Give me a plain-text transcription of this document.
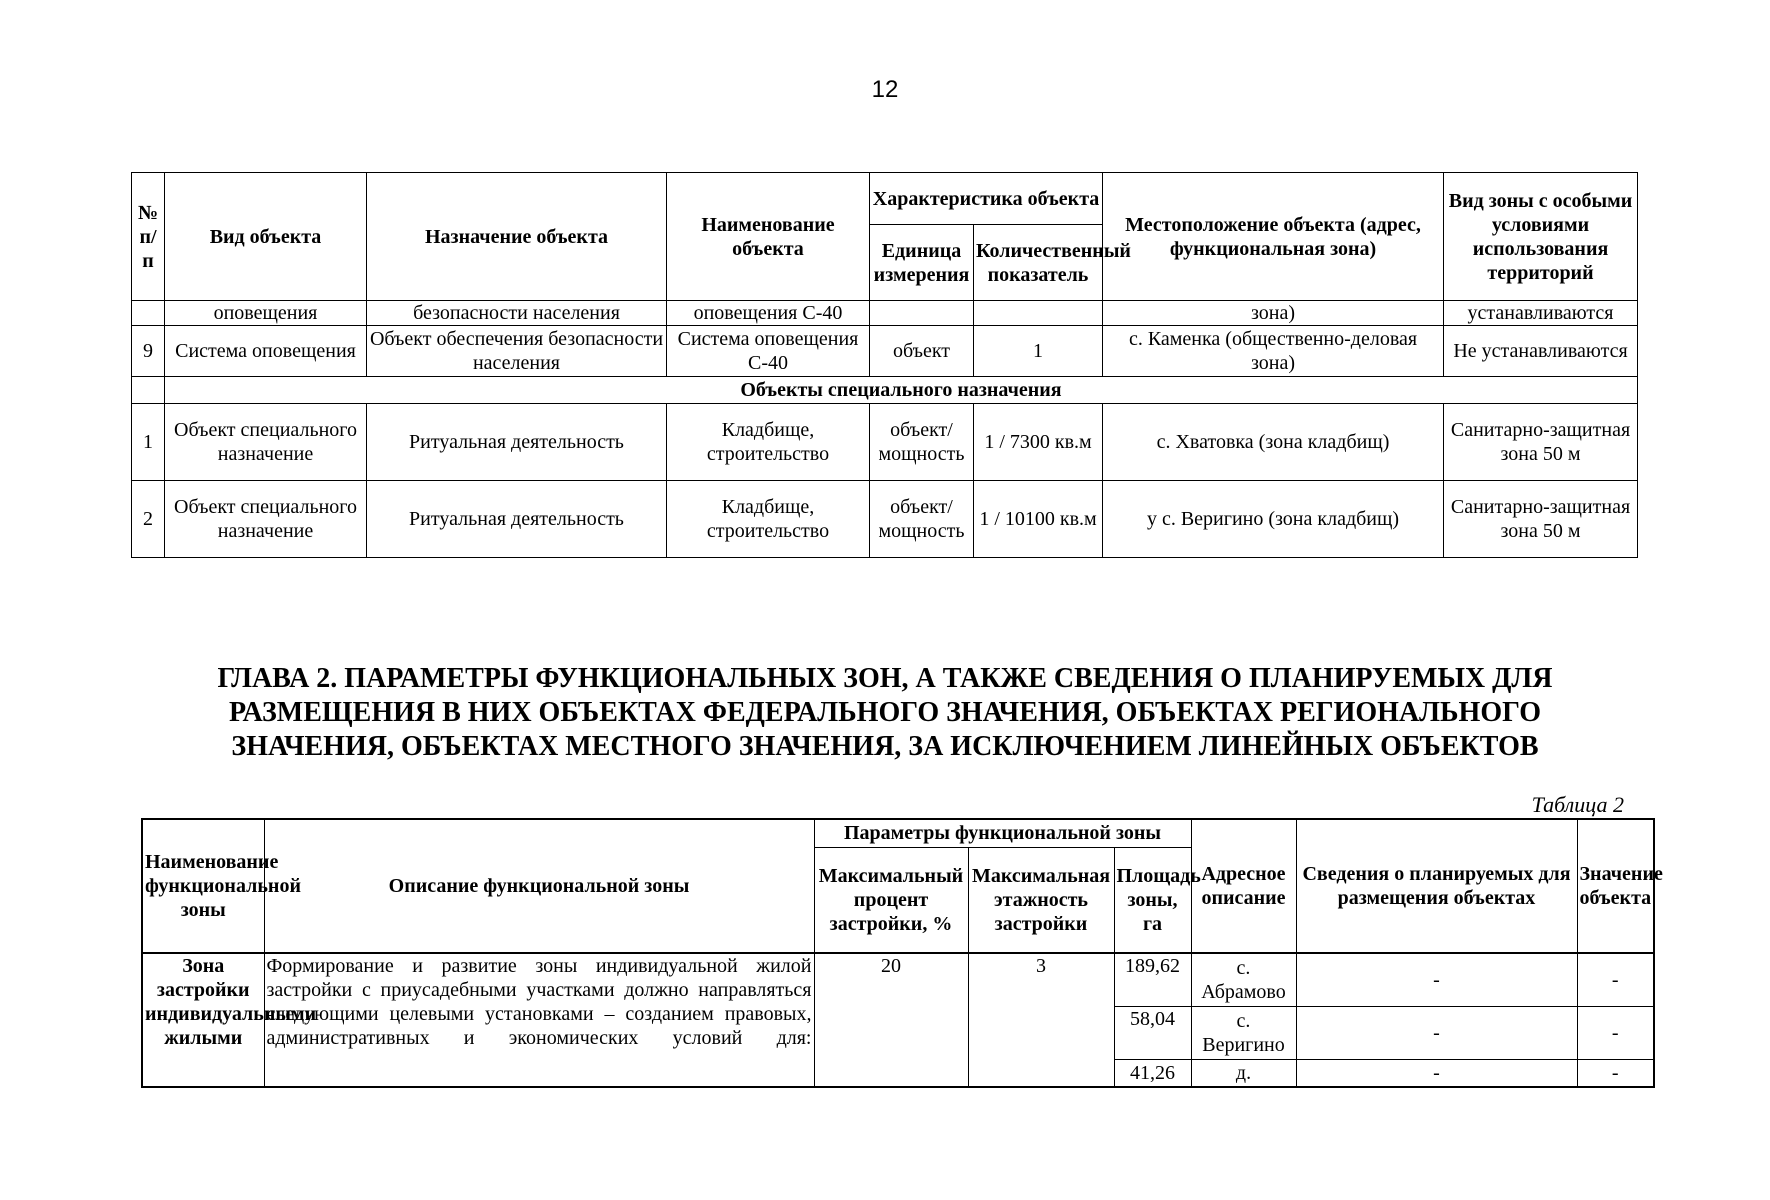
12
№ п/п	Вид объекта	Назначение объекта	Наименование объекта	Характеристика объекта		Местоположение объекта (адрес, функциональная зона)	Вид зоны с особыми условиями использования территорий
				Единица измерения	Количественный показатель		
	оповещения	безопасности населения	оповещения С-40			зона)	устанавливаются
9	Система оповещения	Объект обеспечения безопасности населения	Система оповещения С-40	объект	1	с. Каменка (общественно-деловая зона)	Не устанавливаются
	Объекты специального назначения						
1	Объект специального назначение	Ритуальная деятельность	Кладбище, строительство	объект/ мощность	1 / 7300 кв.м	с. Хватовка (зона кладбищ)	Санитарно-защитная зона 50 м
2	Объект специального назначение	Ритуальная деятельность	Кладбище, строительство	объект/ мощность	1 / 10100 кв.м	у с. Веригино (зона кладбищ)	Санитарно-защитная зона 50 м
ГЛАВА 2. ПАРАМЕТРЫ ФУНКЦИОНАЛЬНЫХ ЗОН, А ТАКЖЕ СВЕДЕНИЯ О ПЛАНИРУЕМЫХ ДЛЯ РАЗМЕЩЕНИЯ В НИХ ОБЪЕКТАХ ФЕДЕРАЛЬНОГО ЗНАЧЕНИЯ, ОБЪЕКТАХ РЕГИОНАЛЬНОГО ЗНАЧЕНИЯ, ОБЪЕКТАХ МЕСТНОГО ЗНАЧЕНИЯ, ЗА ИСКЛЮЧЕНИЕМ ЛИНЕЙНЫХ ОБЪЕКТОВ
Таблица 2
Наименование функциональной зоны	Описание функциональной зоны	Параметры функциональной зоны			Адресное описание	Сведения о планируемых для размещения объектах	Значение объекта
		Максимальный процент застройки, %	Максимальная этажность застройки	Площадь зоны, га			
Зона застройки индивидуальными жилыми	Формирование и развитие зоны индивидуальной жилой застройки с приусадебными участками должно направляться следующими целевыми установками – созданием правовых, административных и экономических условий для:	20	3	189,62	с. Абрамово	-	-
				58,04	с. Веригино	-	-
				41,26	д.	-	-
